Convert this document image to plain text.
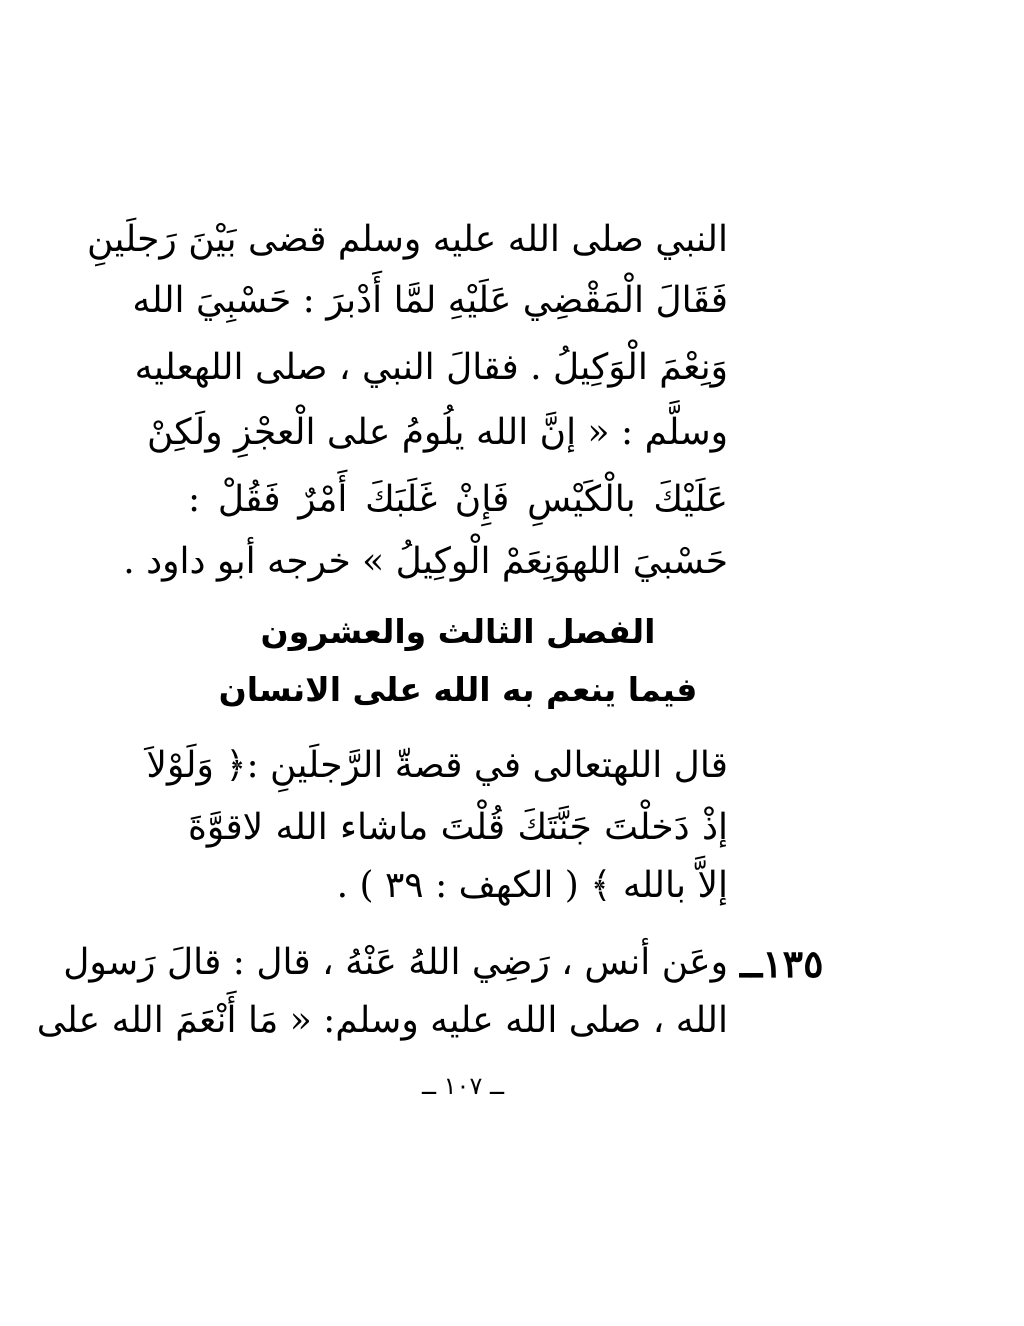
النبي صلى الله عليه وسلم قضى بَيْنَ رَجلَينِ
فَقَالَ الْمَقْضِي عَلَيْهِ لمَّا أَدْبرَ : حَسْبِيَ الله
وَنِعْمَ الْوَكِيلُ . فقالَ النبي ، صلى اللهعليه
وسلَّم : « إنَّ الله يلُومُ على الْعجْزِ ولَكِنْ
عَلَيْكَ بالْكَيْسِ فَإِنْ غَلَبَكَ أَمْرٌ فَقُلْ :
حَسْبيَ اللهوَنِعَمْ الْوكِيلُ » خرجه أبو داود .
الفصل الثالث والعشرون
فيما ينعم به الله على الانسان
قال اللهتعالى في قصةّ الرَّجلَينِ :﴿ وَلَوْلاَ
إذْ دَخلْتَ جَنَّتَكَ قُلْتَ ماشاء الله لاقوَّةَ
إلاَّ بالله ﴾ ( الكهف : ٣٩ ) .
وعَن أنس ، رَضِي اللهُ عَنْهُ ، قال : قالَ رَسول
الله ، صلى الله عليه وسلم: « مَا أَنْعَمَ الله على
١٣٥ــ
ــ ١٠٧ ــ
